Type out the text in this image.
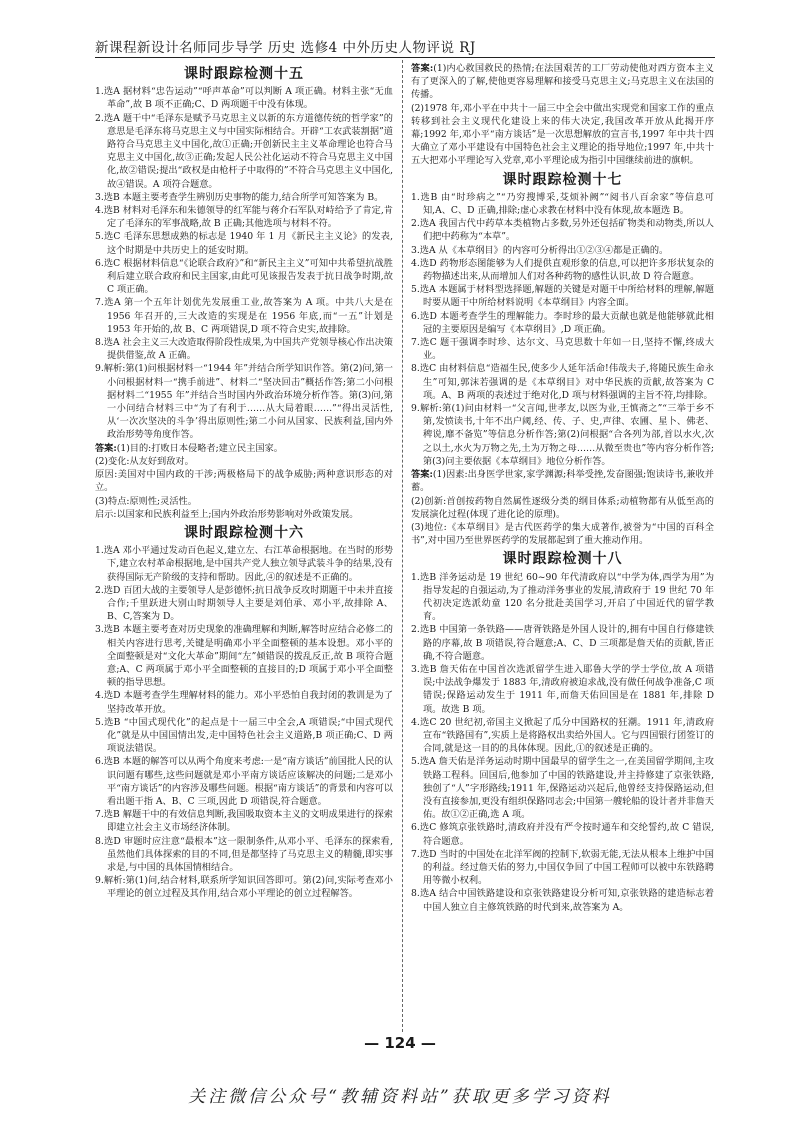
新课程新设计名师同步导学 历史 选修4 中外历史人物评说 RJ
课时跟踪检测十五

1.选A 据材料“忠告运动”“呼声革命”可以判断 A 项正确。材料主张“无血革命”,故 B 项不正确;C、D 两项题干中没有体现。

2.选A 题干中“毛泽东是赋予马克思主义以新的东方道德传统的哲学家”的意思是毛泽东将马克思主义与中国实际相结合。开辟“工农武装割据”道路符合马克思主义中国化,故①正确;开创新民主主义革命理论也符合马克思主义中国化,故③正确;发起人民公社化运动不符合马克思主义中国化,故②错误;提出“政权是由枪杆子中取得的”不符合马克思主义中国化,故④错误。A 项符合题意。

3.选B 本题主要考查学生辨别历史事物的能力,结合所学可知答案为 B。

4.选B 材料对毛泽东和朱德领导的红军能与蒋介石军队对峙给予了肯定,肯定了毛泽东的军事战略,故 B 正确;其他选项与材料不符。

5.选C 毛泽东思想成熟的标志是 1940 年 1 月《新民主主义论》的发表,这个时期是中共历史上的延安时期。

6.选C 根据材料信息“《论联合政府》”和“新民主主义”可知中共希望抗战胜利后建立联合政府和民主国家,由此可见该报告发表于抗日战争时期,故 C 项正确。

7.选A 第一个五年计划优先发展重工业,故答案为 A 项。中共八大是在 1956 年召开的,三大改造的实现是在 1956 年底,而“一五”计划是 1953 年开始的,故 B、C 两项错误,D 项不符合史实,故排除。

8.选A 社会主义三大改造取得阶段性成果,为中国共产党领导核心作出决策提供借鉴,故 A 正确。

9.解析:第(1)问根据材料一“1944 年”并结合所学知识作答。第(2)问,第一小问根据材料一“携手前进”、材料二“坚决回击”概括作答;第二小问根据材料二“1955 年”并结合当时国内外政治环境分析作答。第(3)问,第一小问结合材料三中“为了有利于……从大局着眼……”“得出灵活性,从‘一次次坚决的斗争’得出原则性;第二小问从国家、民族利益,国内外政治形势等角度作答。

答案:(1)目的:打败日本侵略者;建立民主国家。

(2)变化:从友好到敌对。

原因:美国对中国内政的干涉;两极格局下的战争威胁;两种意识形态的对立。

(3)特点:原则性;灵活性。

启示:以国家和民族利益至上;国内外政治形势影响对外政策发展。

课时跟踪检测十六

1.选A 邓小平通过发动百色起义,建立左、右江革命根据地。在当时的形势下,建立农村革命根据地,是中国共产党人独立领导武装斗争的结果,没有获得国际无产阶级的支持和帮助。因此,④的叙述是不正确的。

2.选D 百团大战的主要领导人是彭德怀;抗日战争反攻时期题干中未并直接合作;千里跃进大别山时期领导人主要是刘伯承、邓小平,故排除 A、B、C,答案为 D。

3.选B 本题主要考查对历史现象的准确理解和判断,解答时应结合必修二的相关内容进行思考,关键是明确邓小平全面整顿的基本设想。邓小平的全面整顿是对“文化大革命”期间“左”倾错误的拨乱反正,故 B 项符合题意;A、C 两项属于邓小平全面整顿的直接目的;D 项属于邓小平全面整顿的指导思想。

4.选D 本题考查学生理解材料的能力。邓小平恐怕自我封闭的教训是为了坚持改革开放。

5.选B “中国式现代化”的起点是十一届三中全会,A 项错误;“中国式现代化”就是从中国国情出发,走中国特色社会主义道路,B 项正确;C、D 两项说法错误。

6.选B 本题的解答可以从两个角度来考虑:一是“南方谈话”前国批人民的认识问题有哪些,这些问题就是邓小平南方谈话应该解决的问题;二是邓小平“南方谈话”的内容涉及哪些问题。根据“南方谈话”的背景和内容可以看出题干指 A、B、C 三项,因此 D 项错误,符合题意。

7.选B 解题干中的有效信息判断,我国吸取资本主义的文明成果进行的探索即建立社会主义市场经济体制。

8.选D 审题时应注意“最根本”这一限制条件,从邓小平、毛泽东的探索看,虽然他们具体探索的目的不同,但是都坚持了马克思主义的精髓,即实事求是,与中国的具体国情相结合。

9.解析:第(1)问,结合材料,联系所学知识回答即可。第(2)问,实际考查邓小平理论的创立过程及其作用,结合邓小平理论的创立过程解答。

答案:(1)内心救国救民的热情;在法国艰苦的工厂劳动使他对西方资本主义有了更深入的了解,使他更容易理解和接受马克思主义;马克思主义在法国的传播。

(2)1978 年,邓小平在中共十一届三中全会中做出实现党和国家工作的重点转移到社会主义现代化建设上来的伟大决定,我国改革开放从此揭开序幕;1992 年,邓小平“南方谈话”是一次思想解放的宣言书,1997 年中共十四大确立了邓小平建设有中国特色社会主义理论的指导地位;1997 年,中共十五大把邓小平理论写入党章,邓小平理论成为指引中国继续前进的旗帜。

课时跟踪检测十七

1.选B 由“时珍病之”“乃穷搜博采,芟烦补阙”“阅书八百余家”等信息可知,A、C、D 正确,排除;虚心求教在材料中没有体现,故本题选 B。

2.选A 我国古代中药草本类植物占多数,另外还包括矿物类和动物类,所以人们把中药称为“本草”。

3.选A 从《本草纲目》的内容可分析得出①②③④都是正确的。

4.选D 药物形态图能够为人们提供直观形象的信息,可以把许多形状复杂的药物描述出来,从而增加人们对各种药物的感性认识,故 D 符合题意。

5.选A 本题属于材料型选择题,解题的关键是对题干中所给材料的理解,解题时要从题干中所给材料说明《本草纲目》内容全面。

6.选D 本题考查学生的理解能力。李时珍的最大贡献也就是他能够就此相冠的主要原因是编写《本草纲目》,D 项正确。

7.选C 题干强调李时珍、达尔文、马克思数十年如一日,坚持不懈,终成大业。

8.选C 由材料信息“造福生民,使多少人延年活命!伟哉夫子,将随民族生命永生”可知,郭沫若强调的是《本草纲目》对中华民族的贡献,故答案为 C 项。A、B 两项的表述过于绝对化,D 项与材料强调的主旨不符,均排除。

9.解析:第(1)问由材料一“父言闻,世孝友,以医为业,王慎斋之”“三举于乡不第,发愤读书,十年不出户阈,经、传、子、史,声律、农圃、星卜、佛老、稗说,靡不备览”等信息分析作答;第(2)问根据“合各列为部,首以水火,次之以土,水火为万物之先,土为万物之母……从微至贵也”等内容分析作答;第(3)问主要依据《本草纲目》地位分析作答。

答案:(1)因素:出身医学世家,家学渊源;科举受挫,发奋图强;饱读诗书,兼收并蓄。

(2)创新:首创按药物自然属性逐级分类的纲目体系;动植物都有从低至高的发展演化过程(体现了进化论的原理)。

(3)地位:《本草纲目》是古代医药学的集大成著作,被誉为“中国的百科全书”,对中国乃至世界医药学的发展都起到了重大推动作用。

课时跟踪检测十八

1.选B 洋务运动是 19 世纪 60~90 年代清政府以“中学为体,西学为用”为指导发起的自强运动,为了推动洋务事业的发展,清政府于 19 世纪 70 年代初决定选派幼童 120 名分批赴美国学习,开启了中国近代的留学教育。

2.选B 中国第一条铁路——唐胥铁路是外国人设计的,拥有中国自行修建铁路的序幕,故 B 项错误,符合题意;A、C、D 三项都是詹天佑的贡献,皆正确,不符合题意。

3.选B 詹天佑在中国首次选派留学生进入耶鲁大学的学士学位,故 A 项错误;中法战争爆发于 1883 年,清政府被迫求战,没有做任何战争准备,C 项错误;保路运动发生于 1911 年,而詹天佑回国是在 1881 年,排除 D 项。故选 B 项。

4.选C 20 世纪初,帝国主义掀起了瓜分中国路权的狂潮。1911 年,清政府宣布“铁路国有”,实质上是将路权出卖给外国人。它与四国银行团签订的合同,就是这一目的的具体体现。因此,①的叙述是正确的。

5.选A 詹天佑是洋务运动时期中国最早的留学生之一,在美国留学期间,主攻铁路工程科。回国后,他参加了中国的铁路建设,并主持修建了京张铁路,独创了“人”字形路线;1911 年,保路运动兴起后,他曾经支持保路运动,但没有直接参加,更没有组织保路同志会;中国第一艘轮船的设计者并非詹天佑。故①②正确,选 A 项。

6.选C 修筑京张铁路时,清政府并没有严令按时通车和交纶誓约,故 C 错误,符合题意。

7.选D 当时的中国处在北洋军阀的控制下,软弱无能,无法从根本上维护中国的利益。经过詹天佑的努力,中国仅争回了中国工程师可以被中东铁路聘用等微小权利。

8.选A 结合中国铁路建设和京张铁路建设分析可知,京张铁路的建造标志着中国人独立自主修筑铁路的时代到来,故答案为 A。

— 124 —
关注微信公众号“教辅资料站”获取更多学习资料
